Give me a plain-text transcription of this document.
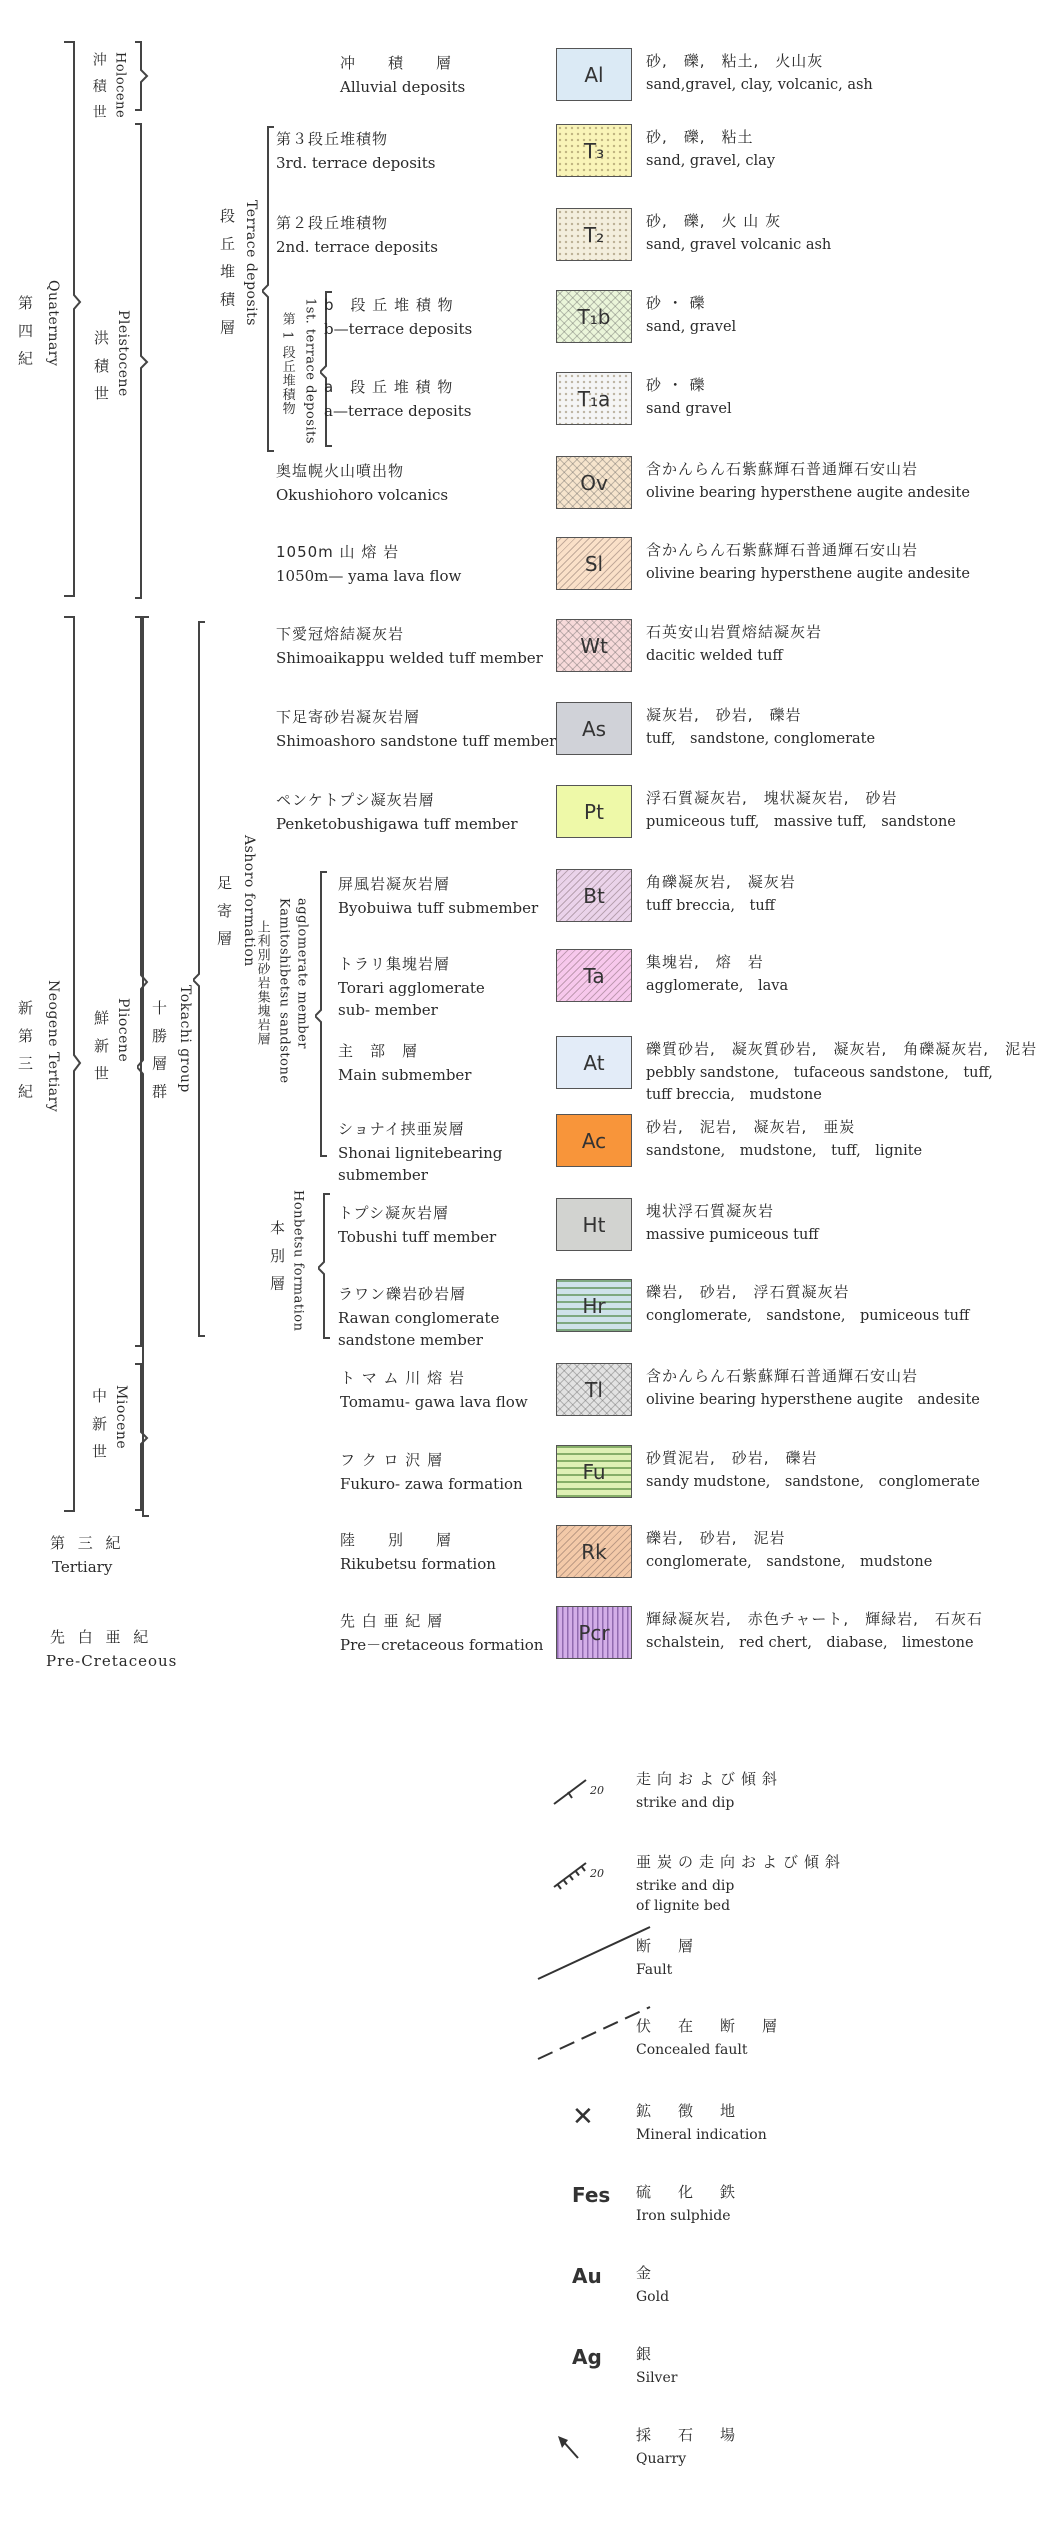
第 四 紀 Quaternary
沖 積 世 Holocene
洪 積 世 Pleistocene
段 丘 堆 積 層 Terrace deposits
第 1 段丘堆積物 1st. terrace deposits
新 第 三 紀 Neogene Tertiary 鮮 新 世 Pliocene 十 勝 層 群 Tokachi group
足 寄 層 Ashoro formation
上利別砂岩集塊岩層 Kamitoshibetsu sandstone agglomerate member
本 別 層 Honbetsu formation
中 新 世 Miocene
第 三 紀
Tertiary
先 白 亜 紀
Pre-Cretaceous
冲　　積　　層
Alluvial deposits
Al
砂,　礫,　粘土,　火山灰
sand,gravel, clay, volcanic, ash
第３段丘堆積物
3rd. terrace deposits
T₃
砂,　礫,　粘土
sand, gravel, clay
第２段丘堆積物
2nd. terrace deposits
T₂
砂,　礫,　火 山 灰
sand, gravel volcanic ash
b　段 丘 堆 積 物
b—terrace deposits
T₁b
砂 ・ 礫
sand, gravel
a　段 丘 堆 積 物
a—terrace deposits
T₁a
砂 ・ 礫
sand gravel
奥塩幌火山噴出物
Okushiohoro volcanics
Ov
含かんらん石紫蘇輝石普通輝石安山岩
olivine bearing hypersthene augite andesite
1050m 山 熔 岩
1050m— yama lava flow
Sl
含かんらん石紫蘇輝石普通輝石安山岩
olivine bearing hypersthene augite andesite
下愛冠熔結凝灰岩
Shimoaikappu welded tuff member
Wt
石英安山岩質熔結凝灰岩
dacitic welded tuff
下足寄砂岩凝灰岩層
Shimoashoro sandstone tuff member
As
凝灰岩,　砂岩,　礫岩
tuff,　sandstone, conglomerate
ペンケトプシ凝灰岩層
Penketobushigawa tuff member
Pt
浮石質凝灰岩,　塊状凝灰岩,　砂岩
pumiceous tuff,　massive tuff,　sandstone
屏風岩凝灰岩層
Byobuiwa tuff submember
Bt
角礫凝灰岩,　凝灰岩
tuff breccia,　tuff
トラリ集塊岩層
Torari agglomerate
sub- member
Ta
集塊岩,　熔　岩
agglomerate,　lava
主　部　層
Main submember
At
礫質砂岩,　凝灰質砂岩,　凝灰岩,　角礫凝灰岩,　泥岩
pebbly sandstone,　tufaceous sandstone,　tuff,
tuff breccia,　mudstone
ショナイ挟亜炭層
Shonai lignitebearing
submember
Ac
砂岩,　泥岩,　凝灰岩,　亜炭
sandstone,　mudstone,　tuff,　lignite
トプシ凝灰岩層
Tobushi tuff member
Ht
塊状浮石質凝灰岩
massive pumiceous tuff
ラワン礫岩砂岩層
Rawan conglomerate
sandstone member
Hr
礫岩,　砂岩,　浮石質凝灰岩
conglomerate,　sandstone,　pumiceous tuff
ト マ ム 川 熔 岩
Tomamu- gawa lava flow
Tl
含かんらん石紫蘇輝石普通輝石安山岩
olivine bearing hypersthene augite　andesite
フ ク ロ 沢 層
Fukuro- zawa formation
Fu
砂質泥岩,　砂岩,　礫岩
sandy mudstone,　sandstone,　conglomerate
陸　　別　　層
Rikubetsu formation
Rk
礫岩,　砂岩,　泥岩
conglomerate,　sandstone,　mudstone
先 白 亜 紀 層
Pre－cretaceous formation
Pcr
輝緑凝灰岩,　赤色チャート,　輝緑岩,　石灰石
schalstein,　red chert,　diabase,　limestone
20
走向および傾斜
strike and dip
20
亜炭の走向および傾斜
strike and dip
of lignite bed
断　層
Fault
伏　在　断　層
Concealed fault
✕	鉱　徴　地
Mineral indication
Fes 硫　化　鉄
Iron sulphide
Au 金
Gold
Ag 銀
Silver
採　石　場
Quarry
